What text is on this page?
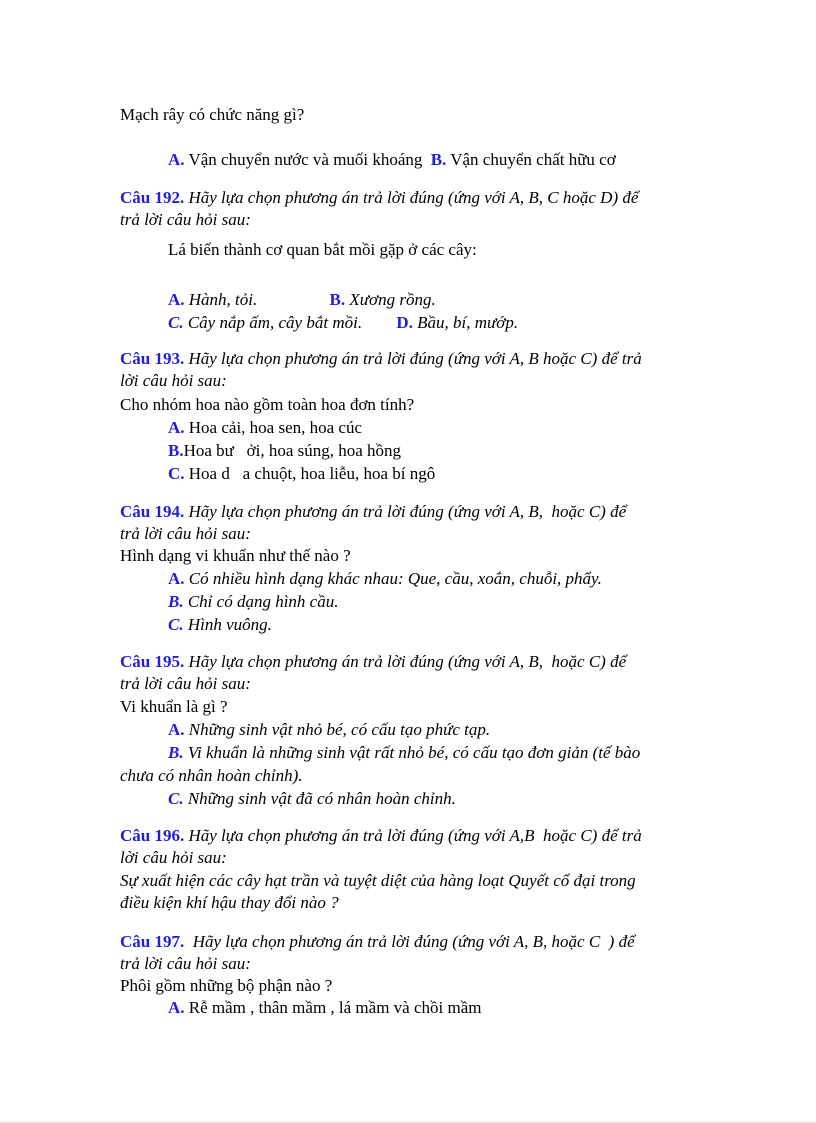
Mạch rây có chức năng gì?
A. Vận chuyển nước và muối khoáng B. Vận chuyển chất hữu cơ
Câu 192. Hãy lựa chọn phương án trả lời đúng (ứng với A, B, C hoặc D) để
trả lời câu hỏi sau:
Lá biến thành cơ quan bắt mồi gặp ở các cây:
A. Hành, tỏi.	B. Xương rồng.
C. Cây nắp ấm, cây bắt mồi. D. Bầu, bí, mướp.
Câu 193. Hãy lựa chọn phương án trả lời đúng (ứng với A, B hoặc C) để trả
lời câu hỏi sau:
Cho nhóm hoa nào gồm toàn hoa đơn tính?
A. Hoa cải, hoa sen, hoa cúc
B.Hoa bư   ởi, hoa súng, hoa hồng
C. Hoa d   a chuột, hoa liễu, hoa bí ngô
Câu 194. Hãy lựa chọn phương án trả lời đúng (ứng với A, B,  hoặc C) để
trả lời câu hỏi sau:
Hình dạng vi khuẩn như thế nào ?
A. Có nhiều hình dạng khác nhau: Que, cầu, xoắn, chuỗi, phẩy.
B. Chỉ có dạng hình cầu.
C. Hình vuông.
Câu 195. Hãy lựa chọn phương án trả lời đúng (ứng với A, B,  hoặc C) để
trả lời câu hỏi sau:
Vi khuẩn là gì ?
A. Những sinh vật nhỏ bé, có cấu tạo phức tạp.
B. Vi khuẩn là những sinh vật rất nhỏ bé, có cấu tạo đơn giản (tế bào
chưa có nhân hoàn chỉnh).
C. Những sinh vật đã có nhân hoàn chỉnh.
Câu 196. Hãy lựa chọn phương án trả lời đúng (ứng với A,B  hoặc C) để trả
lời câu hỏi sau:
Sự xuất hiện các cây hạt trần và tuyệt diệt của hàng loạt Quyết cổ đại trong
điều kiện khí hậu thay đổi nào ?
Câu 197.  Hãy lựa chọn phương án trả lời đúng (ứng với A, B, hoặc C  ) để
trả lời câu hỏi sau:
Phôi gồm những bộ phận nào ?
A. Rễ mầm , thân mầm , lá mầm và chồi mầm
